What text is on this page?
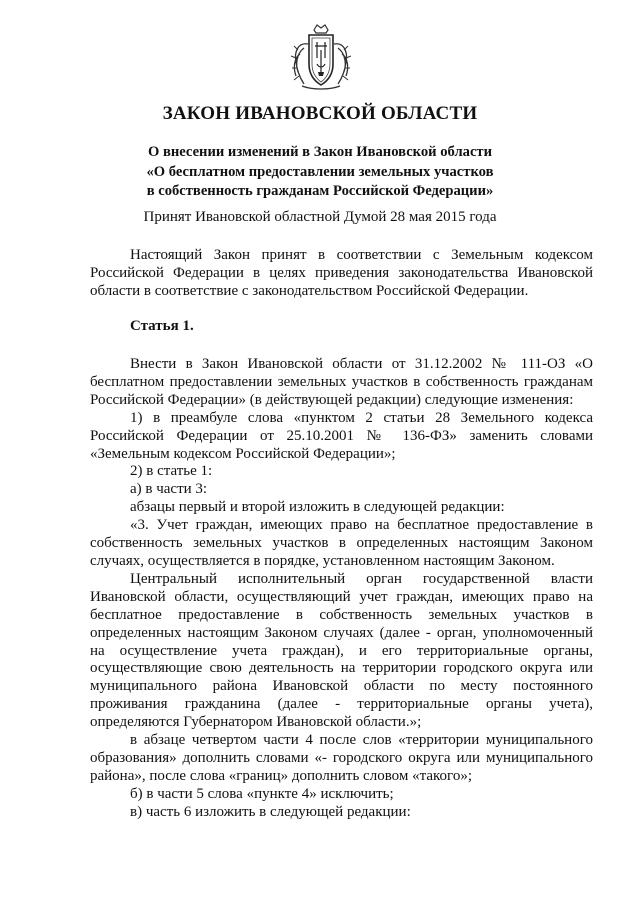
ЗАКОН ИВАНОВСКОЙ ОБЛАСТИ
О внесении изменений в Закон Ивановской области
«О бесплатном предоставлении земельных участков
в собственность гражданам Российской Федерации»
Принят Ивановской областной Думой 28 мая 2015 года

Настоящий Закон принят в соответствии с Земельным кодексом Российской Федерации в целях приведения законодательства Ивановской области в соответствие с законодательством Российской Федерации.

Статья 1.

Внести в Закон Ивановской области от 31.12.2002 № 111-ОЗ «О бесплатном предоставлении земельных участков в собственность гражданам Российской Федерации» (в действующей редакции) следующие изменения:

1) в преамбуле слова «пунктом 2 статьи 28 Земельного кодекса Российской Федерации от 25.10.2001 № 136-ФЗ» заменить словами «Земельным кодексом Российской Федерации»;

2) в статье 1:

а) в части 3:

абзацы первый и второй изложить в следующей редакции:

«3. Учет граждан, имеющих право на бесплатное предоставление в собственность земельных участков в определенных настоящим Законом случаях, осуществляется в порядке, установленном настоящим Законом.

Центральный исполнительный орган государственной власти Ивановской области, осуществляющий учет граждан, имеющих право на бесплатное предоставление в собственность земельных участков в определенных настоящим Законом случаях (далее - орган, уполномоченный на осуществление учета граждан), и его территориальные органы, осуществляющие свою деятельность на территории городского округа или муниципального района Ивановской области по месту постоянного проживания гражданина (далее - территориальные органы учета), определяются Губернатором Ивановской области.»;

в абзаце четвертом части 4 после слов «территории муниципального образования» дополнить словами «- городского округа или муниципального района», после слова «границ» дополнить словом «такого»;

б) в части 5 слова «пункте 4» исключить;

в) часть 6 изложить в следующей редакции:
